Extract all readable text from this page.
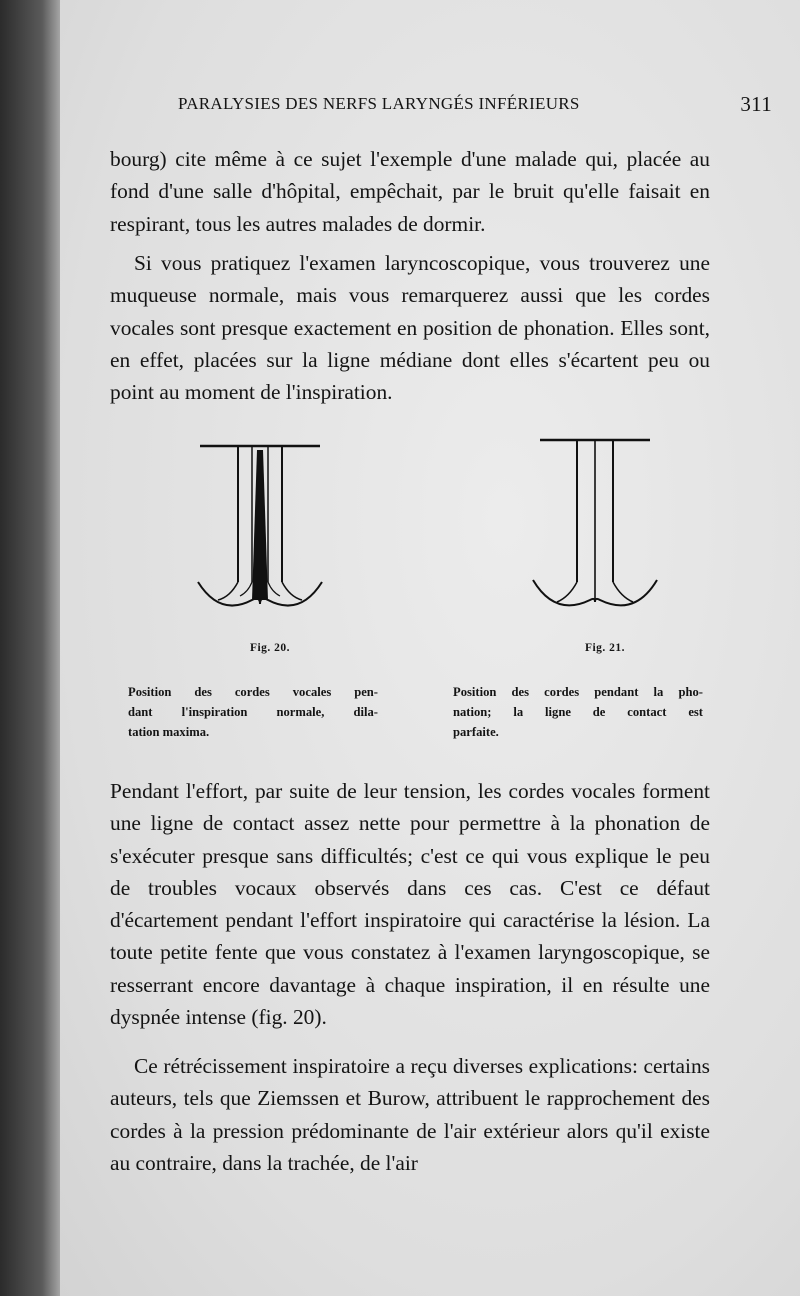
PARALYSIES DES NERFS LARYNGÉS INFÉRIEURS	311

bourg) cite même à ce sujet l'exemple d'une malade qui, placée au fond d'une salle d'hôpital, empêchait, par le bruit qu'elle faisait en respirant, tous les autres malades de dormir.

Si vous pratiquez l'examen laryncoscopique, vous trouverez une muqueuse normale, mais vous remarquerez aussi que les cordes vocales sont presque exactement en position de phonation. Elles sont, en effet, placées sur la ligne médiane dont elles s'écartent peu ou point au moment de l'inspiration.

Fig. 20.
Position des cordes vocales pen-
dant l'inspiration normale, dila-
tation maxima.
Fig. 21.
Position des cordes pendant la pho-
nation; la ligne de contact est
parfaite.

Pendant l'effort, par suite de leur tension, les cordes vocales forment une ligne de contact assez nette pour permettre à la phonation de s'exécuter presque sans difficultés; c'est ce qui vous explique le peu de troubles vocaux observés dans ces cas. C'est ce défaut d'écartement pendant l'effort inspiratoire qui caractérise la lésion. La toute petite fente que vous constatez à l'examen laryngoscopique, se resserrant encore davantage à chaque inspiration, il en résulte une dyspnée intense (fig. 20).

Ce rétrécissement inspiratoire a reçu diverses explications: certains auteurs, tels que Ziemssen et Burow, attribuent le rapprochement des cordes à la pression prédominante de l'air extérieur alors qu'il existe au contraire, dans la trachée, de l'air
